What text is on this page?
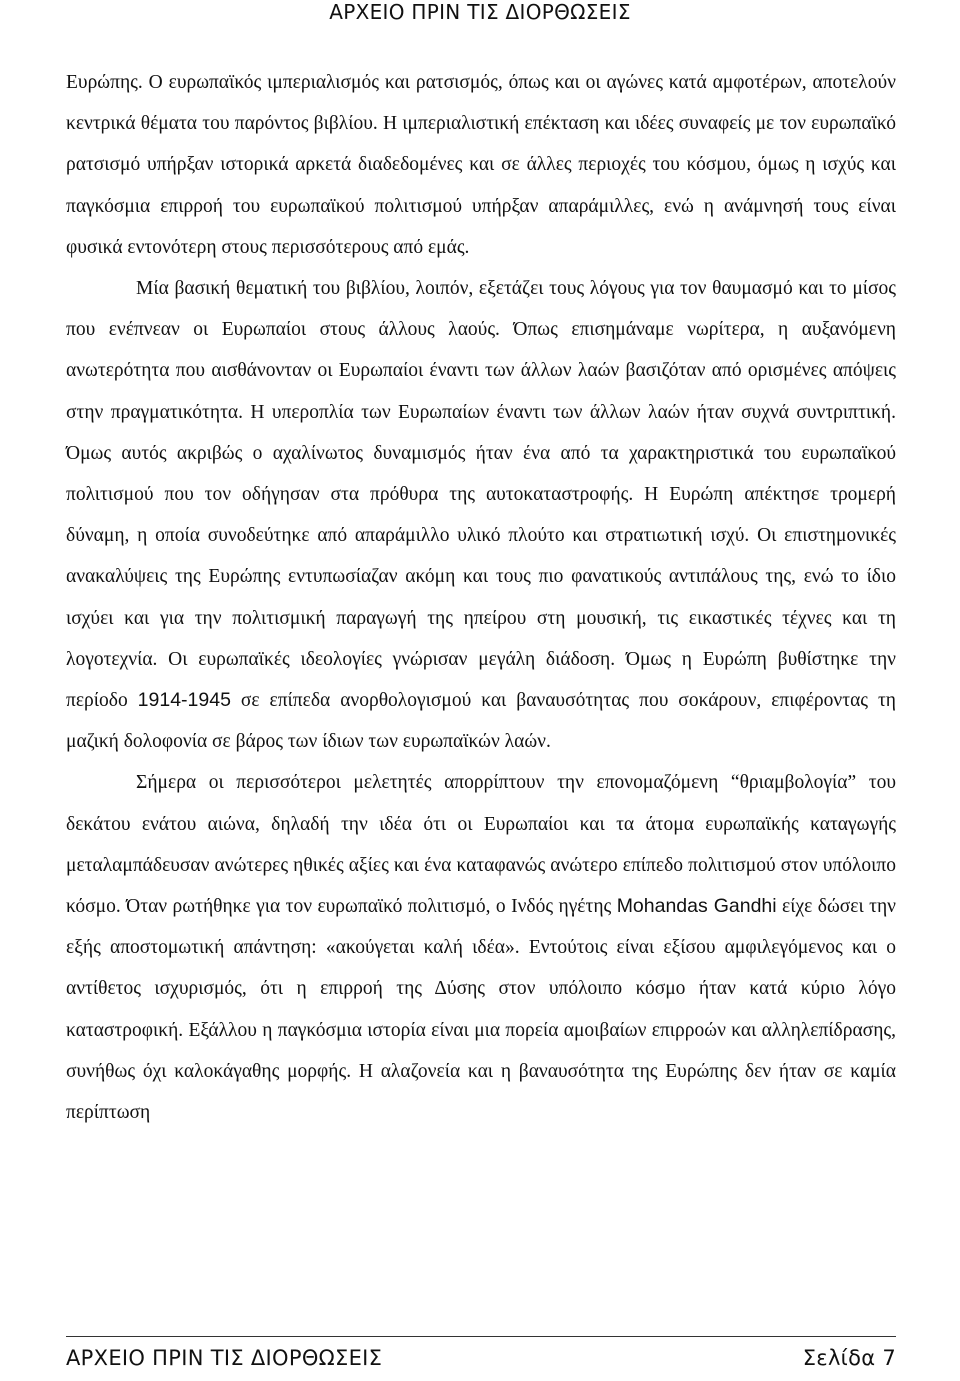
ΑΡΧΕΙΟ ΠΡΙΝ ΤΙΣ ΔΙΟΡΘΩΣΕΙΣ

Ευρώπης. Ο ευρωπαϊκός ιμπεριαλισμός και ρατσισμός, όπως και οι αγώνες κατά αμφοτέρων, αποτελούν κεντρικά θέματα του παρόντος βιβλίου. Η ιμπεριαλιστική επέκταση και ιδέες συναφείς με τον ευρωπαϊκό ρατσισμό υπήρξαν ιστορικά αρκετά διαδεδομένες και σε άλλες περιοχές του κόσμου, όμως η ισχύς και παγκόσμια επιρροή του ευρωπαϊκού πολιτισμού υπήρξαν απαράμιλλες, ενώ η ανάμνησή τους είναι φυσικά εντονότερη στους περισσότερους από εμάς.

Μία βασική θεματική του βιβλίου, λοιπόν, εξετάζει τους λόγους για τον θαυμασμό και το μίσος που ενέπνεαν οι Ευρωπαίοι στους άλλους λαούς. Όπως επισημάναμε νωρίτερα, η αυξανόμενη ανωτερότητα που αισθάνονταν οι Ευρωπαίοι έναντι των άλλων λαών βασιζόταν από ορισμένες απόψεις στην πραγματικότητα. Η υπεροπλία των Ευρωπαίων έναντι των άλλων λαών ήταν συχνά συντριπτική. Όμως αυτός ακριβώς ο αχαλίνωτος δυναμισμός ήταν ένα από τα χαρακτηριστικά του ευρωπαϊκού πολιτισμού που τον οδήγησαν στα πρόθυρα της αυτοκαταστροφής. Η Ευρώπη απέκτησε τρομερή δύναμη, η οποία συνοδεύτηκε από απαράμιλλο υλικό πλούτο και στρατιωτική ισχύ. Οι επιστημονικές ανακαλύψεις της Ευρώπης εντυπωσίαζαν ακόμη και τους πιο φανατικούς αντιπάλους της, ενώ το ίδιο ισχύει και για την πολιτισμική παραγωγή της ηπείρου στη μουσική, τις εικαστικές τέχνες και τη λογοτεχνία. Οι ευρωπαϊκές ιδεολογίες γνώρισαν μεγάλη διάδοση. Όμως η Ευρώπη βυθίστηκε την περίοδο 1914-1945 σε επίπεδα ανορθολογισμού και βαναυσότητας που σοκάρουν, επιφέροντας τη μαζική δολοφονία σε βάρος των ίδιων των ευρωπαϊκών λαών.

Σήμερα οι περισσότεροι μελετητές απορρίπτουν την επονομαζόμενη “θριαμβολογία” του δεκάτου ενάτου αιώνα, δηλαδή την ιδέα ότι οι Ευρωπαίοι και τα άτομα ευρωπαϊκής καταγωγής μεταλαμπάδευσαν ανώτερες ηθικές αξίες και ένα καταφανώς ανώτερο επίπεδο πολιτισμού στον υπόλοιπο κόσμο. Όταν ρωτήθηκε για τον ευρωπαϊκό πολιτισμό, ο Ινδός ηγέτης Mohandas Gandhi είχε δώσει την εξής αποστομωτική απάντηση: «ακούγεται καλή ιδέα». Εντούτοις είναι εξίσου αμφιλεγόμενος και ο αντίθετος ισχυρισμός, ότι η επιρροή της Δύσης στον υπόλοιπο κόσμο ήταν κατά κύριο λόγο καταστροφική. Εξάλλου η παγκόσμια ιστορία είναι μια πορεία αμοιβαίων επιρροών και αλληλεπίδρασης, συνήθως όχι καλοκάγαθης μορφής. Η αλαζονεία και η βαναυσότητα της Ευρώπης δεν ήταν σε καμία περίπτωση

ΑΡΧΕΙΟ ΠΡΙΝ ΤΙΣ ΔΙΟΡΘΩΣΕΙΣ	Σελίδα 7
